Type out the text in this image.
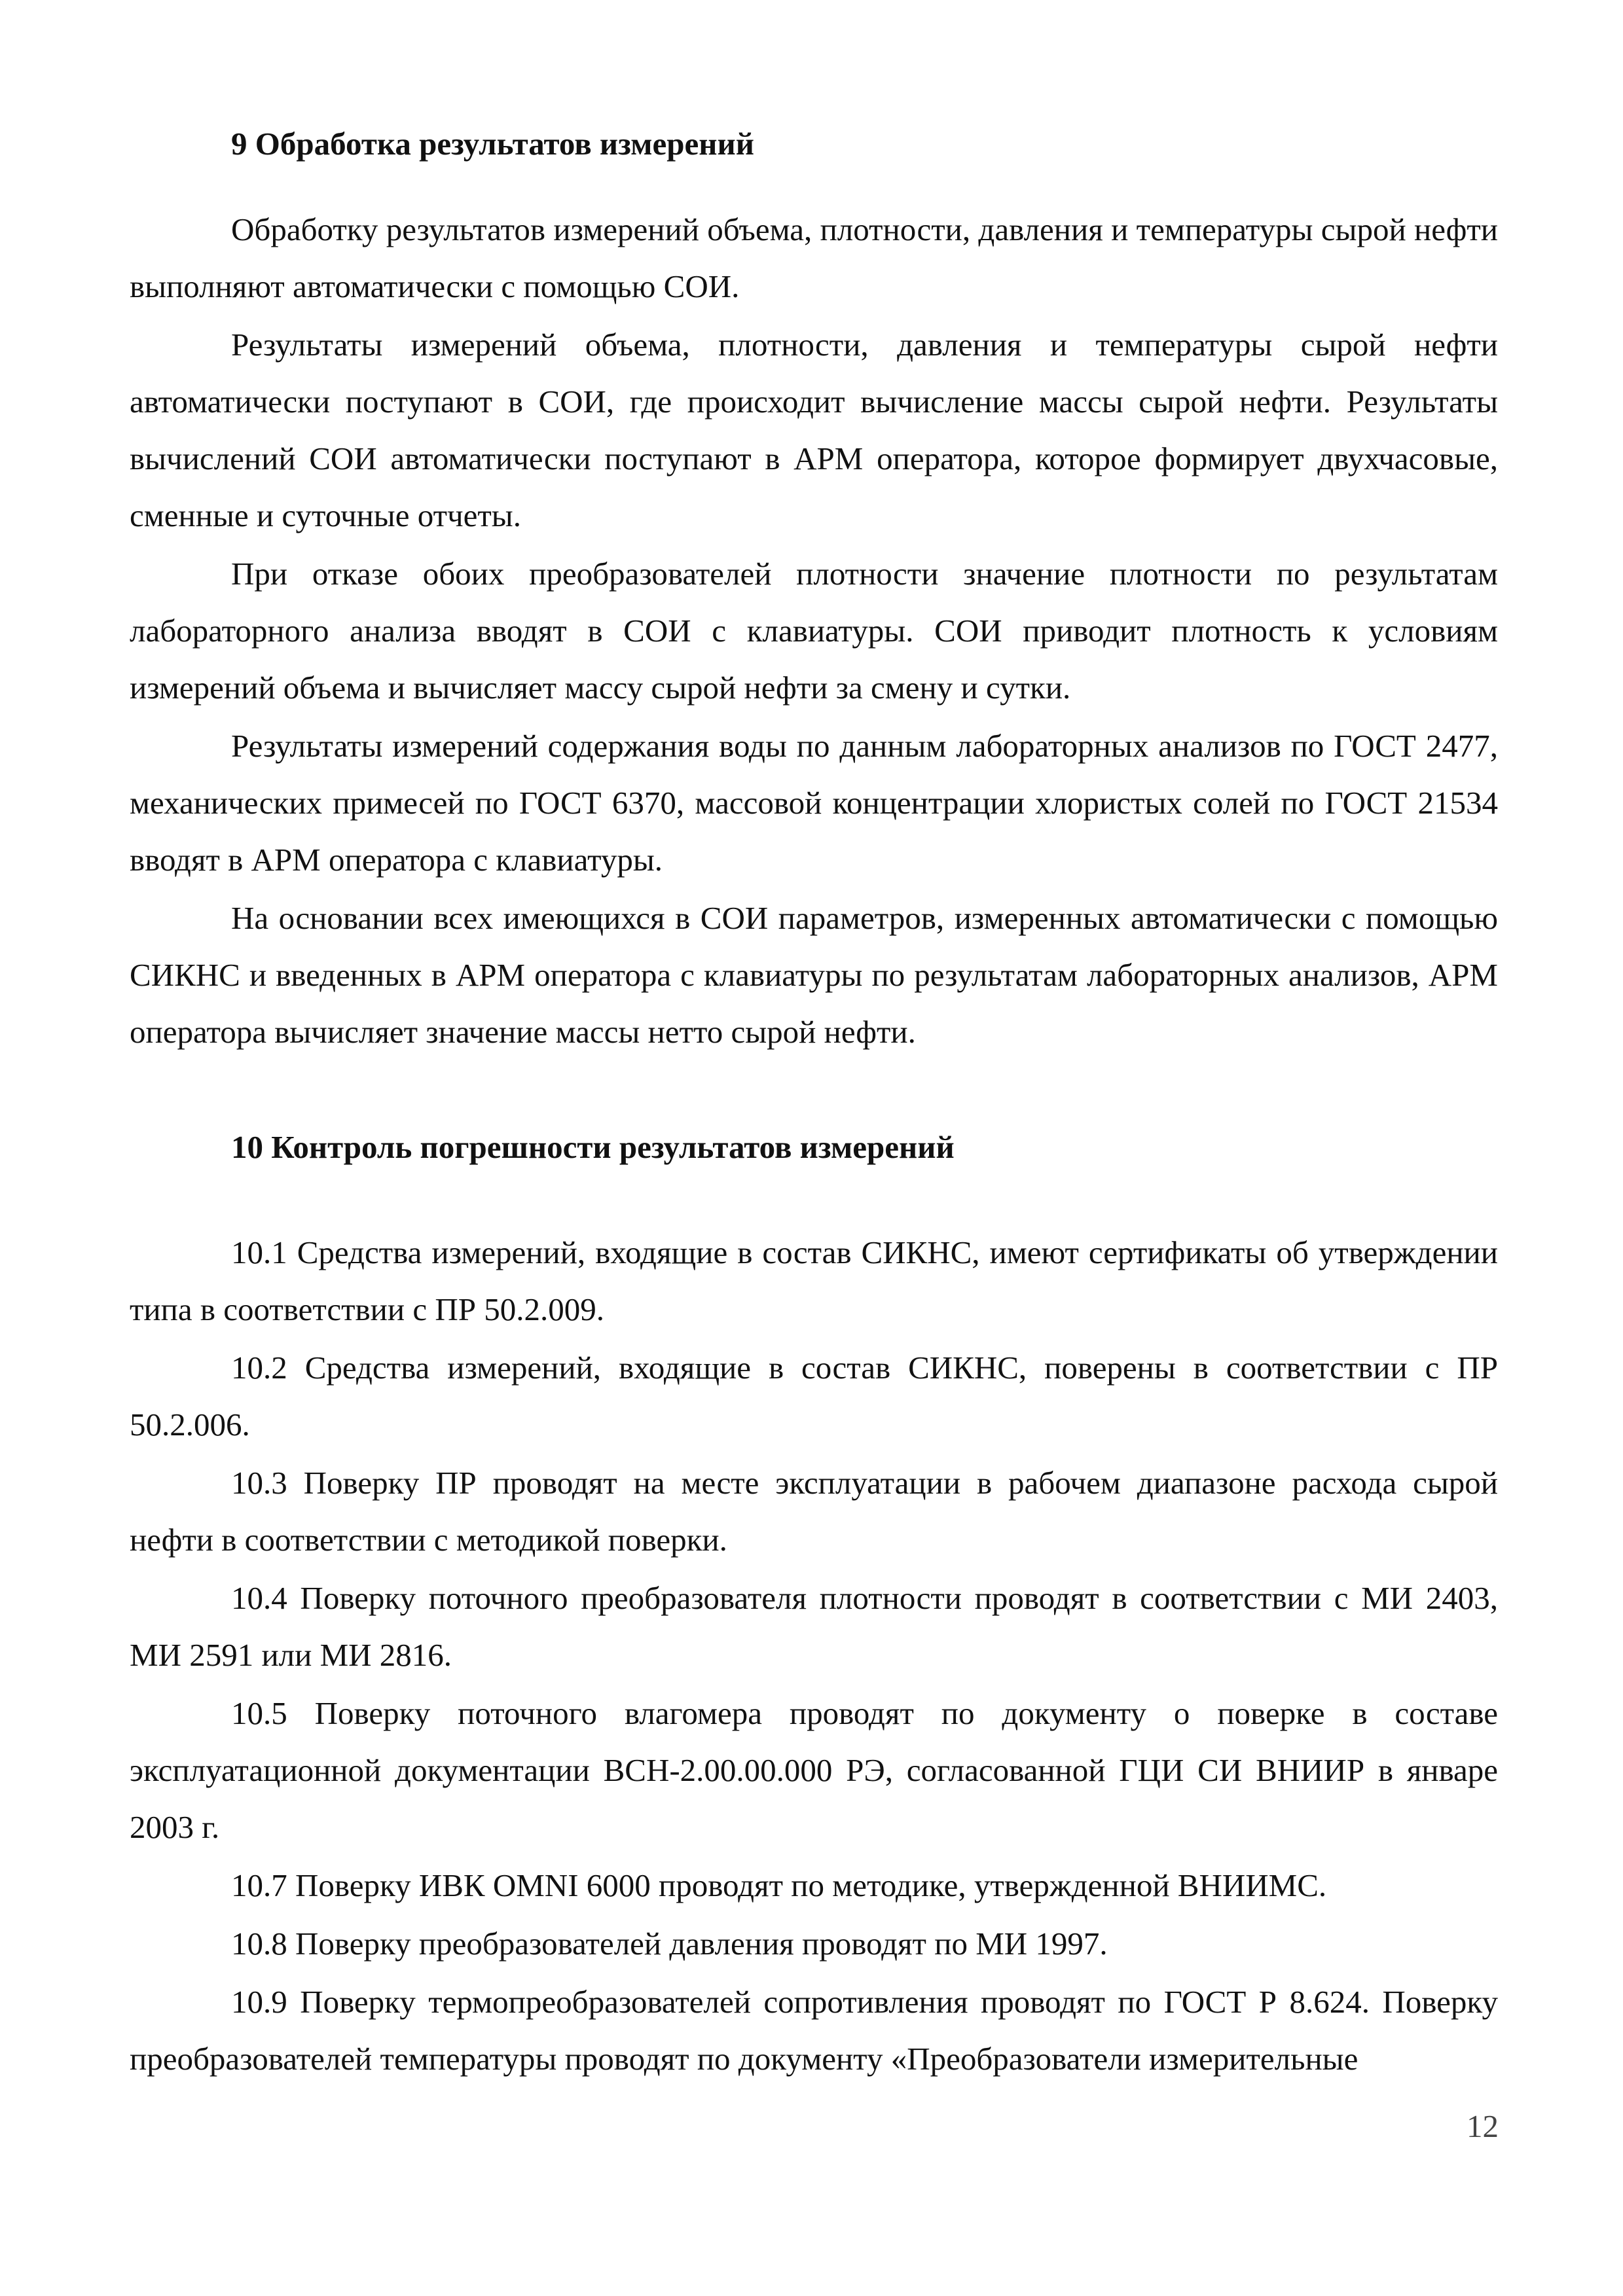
9 Обработка результатов измерений

Обработку результатов измерений объема, плотности, давления и температуры сырой нефти выполняют автоматически с помощью СОИ.

Результаты измерений объема, плотности, давления и температуры сырой нефти автоматически поступают в СОИ, где происходит вычисление массы сырой нефти. Результаты вычислений СОИ автоматически поступают в АРМ оператора, которое формирует двухчасовые, сменные и суточные отчеты.

При отказе обоих преобразователей плотности значение плотности по результатам лабораторного анализа вводят в СОИ с клавиатуры. СОИ приводит плотность к условиям измерений объема и вычисляет массу сырой нефти за смену и сутки.

Результаты измерений содержания воды по данным лабораторных анализов по ГОСТ 2477, механических примесей по ГОСТ 6370, массовой концентрации хлористых солей по ГОСТ 21534 вводят в АРМ оператора с клавиатуры.

На основании всех имеющихся в СОИ параметров, измеренных автоматически с помощью СИКНС и введенных в АРМ оператора с клавиатуры по результатам лабораторных анализов, АРМ оператора вычисляет значение массы нетто сырой нефти.

10 Контроль погрешности результатов измерений

10.1 Средства измерений, входящие в состав СИКНС, имеют сертификаты об утверждении типа в соответствии с ПР 50.2.009.

10.2 Средства измерений, входящие в состав СИКНС, поверены в соответствии с ПР 50.2.006.

10.3 Поверку ПР проводят на месте эксплуатации в рабочем диапазоне расхода сырой нефти в соответствии с методикой поверки.

10.4 Поверку поточного преобразователя плотности проводят в соответствии с МИ 2403, МИ 2591 или МИ 2816.

10.5 Поверку поточного влагомера проводят по документу о поверке в составе эксплуатационной документации ВСН-2.00.00.000 РЭ, согласованной ГЦИ СИ ВНИИР в январе 2003 г.

10.7 Поверку ИВК OMNI 6000 проводят по методике, утвержденной ВНИИМС.

10.8 Поверку преобразователей давления проводят по МИ 1997.

10.9 Поверку термопреобразователей сопротивления проводят по ГОСТ Р 8.624. Поверку преобразователей температуры проводят по документу «Преобразователи измерительные

12
